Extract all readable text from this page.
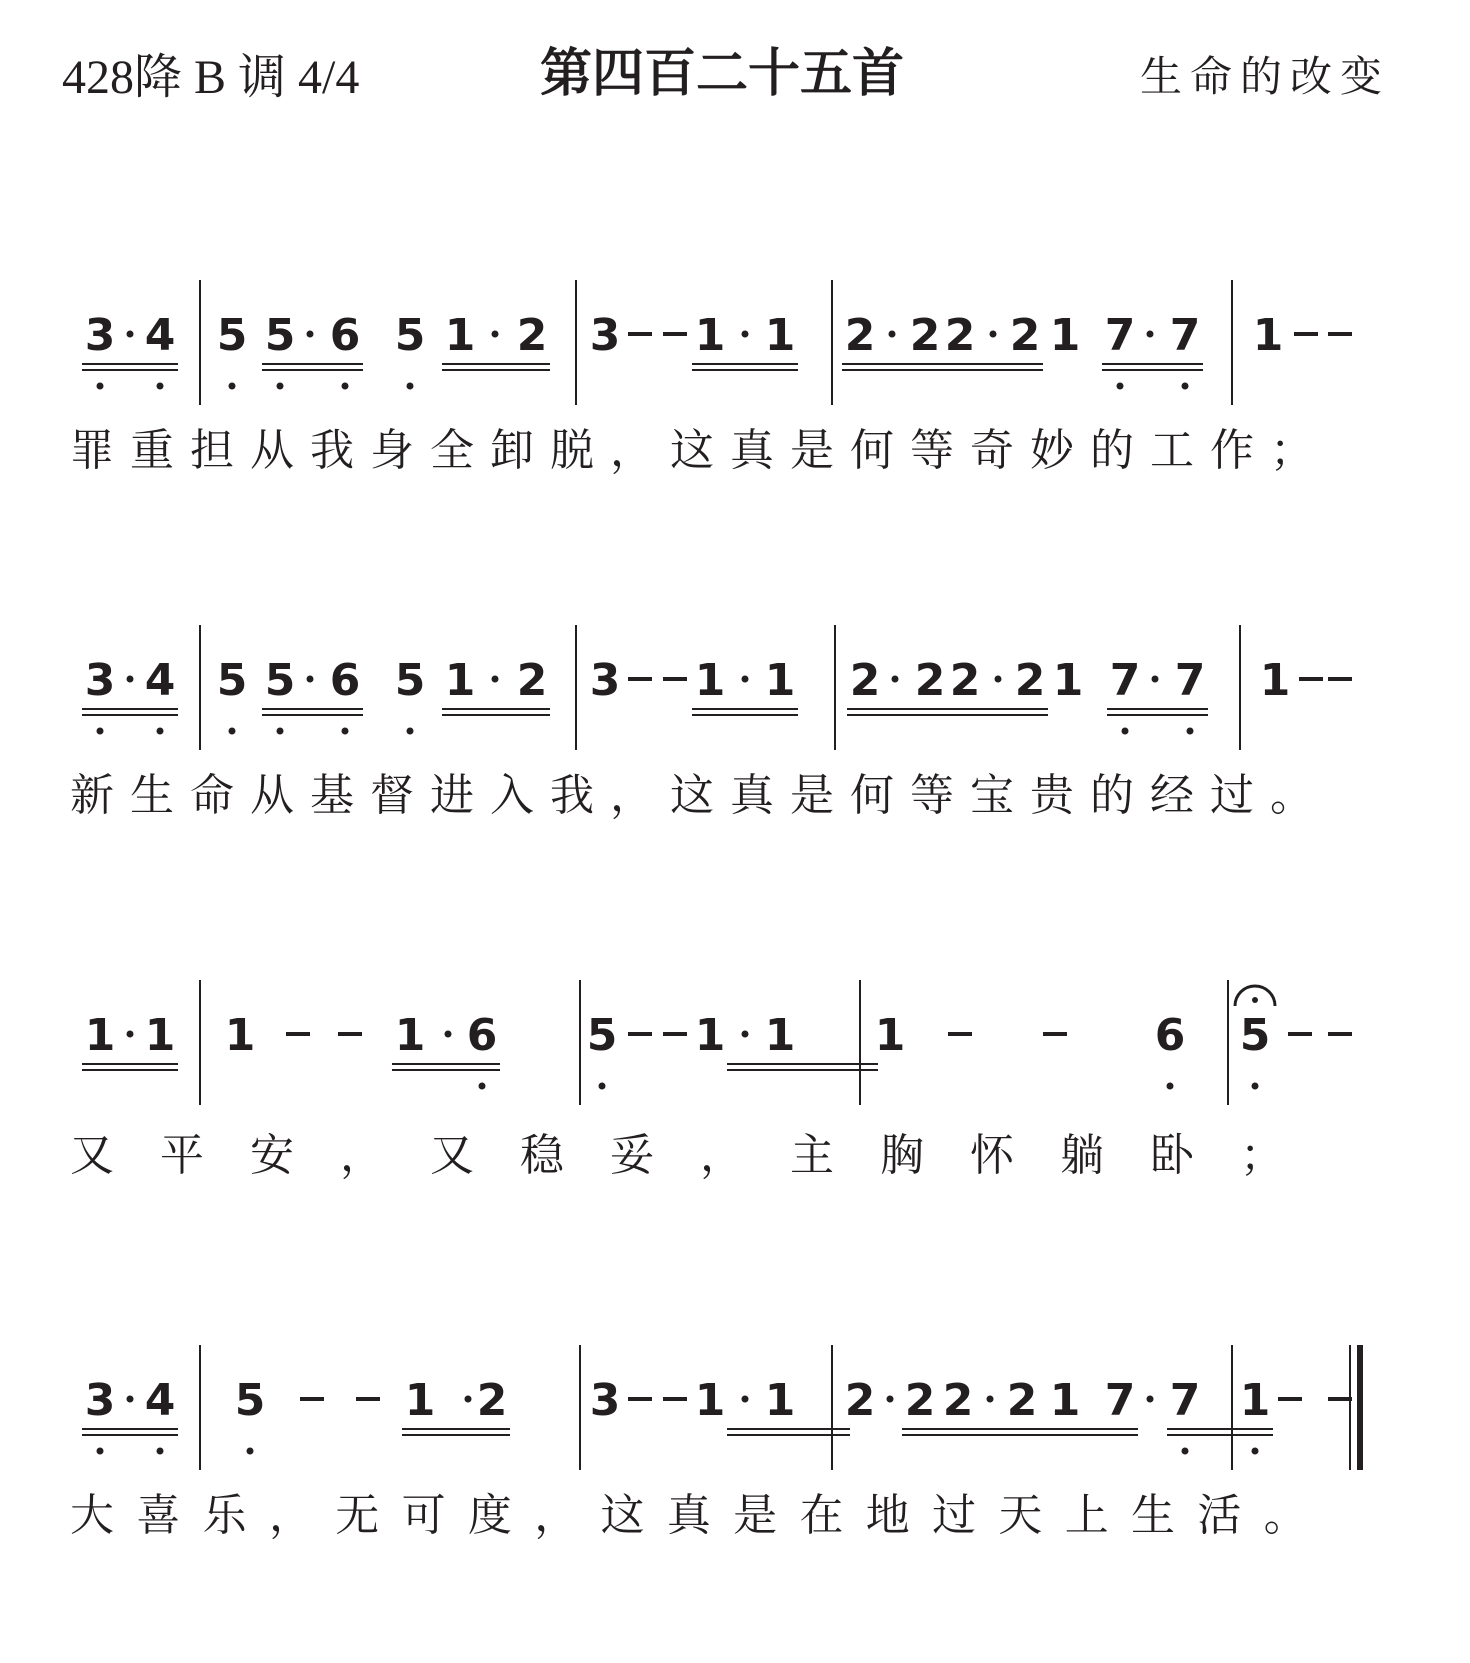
428降 B 调 4/4	第四百二十五首	生命的改变
3 4 5 5 6 5 1 2 3 1 1 2 2 2 2 1 7 7 1
罪 重 担 从 我 身 全 卸 脱 ， 这 真 是 何 等 奇 妙 的 工 作 ；
3 4 5 5 6 5 1 2 3 1 1 2 2 2 2 1 7 7 1
新 生 命 从 基 督 进 入 我 ， 这 真 是 何 等 宝 贵 的 经 过 。
1 1 1	1 6 5 1 1 1	6 5
又 平 安 ， 又 稳 妥 ， 主 胸 怀 躺 卧 ；
3 4 5	1 2 3 1 1 2 2 2 2 1 7 7 1
大 喜 乐 ， 无 可 度 ， 这 真 是 在 地 过 天 上 生 活 。
